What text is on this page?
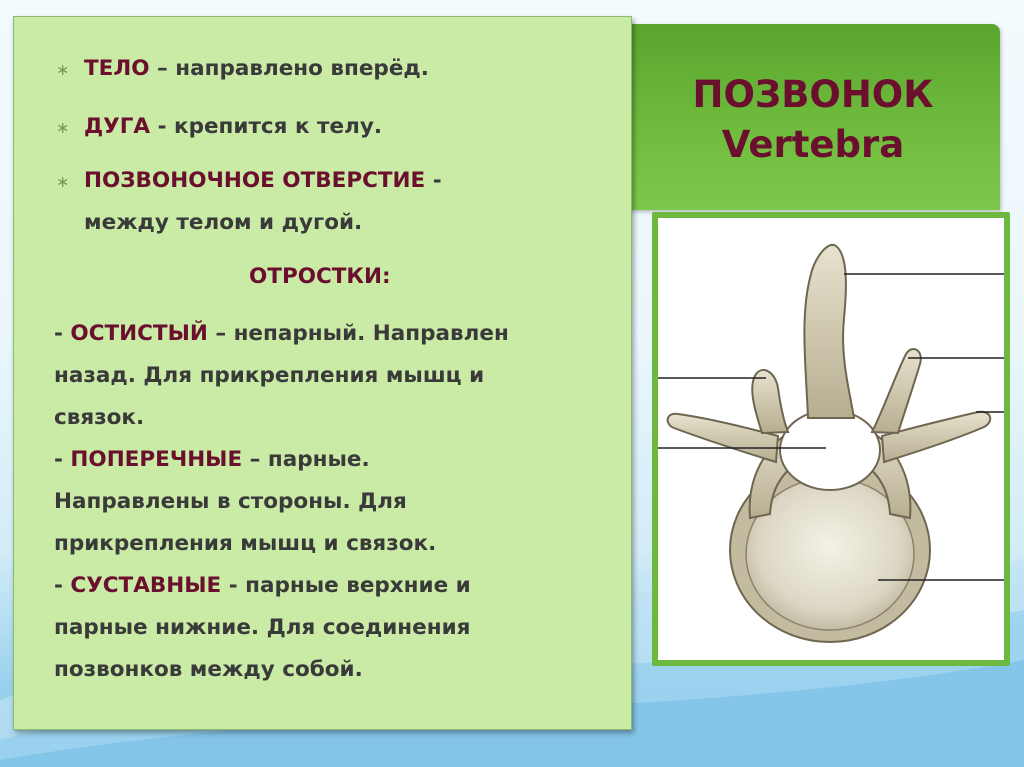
ПОЗВОНОК
Vertebra
∗ ТЕЛО – направлено вперёд.
∗ ДУГА - крепится к телу.
∗ ПОЗВОНОЧНОЕ ОТВЕРСТИЕ -
между телом и дугой.
ОТРОСТКИ:
- ОСТИСТЫЙ – непарный. Направлен
назад. Для прикрепления мышц и
связок.
- ПОПЕРЕЧНЫЕ – парные.
Направлены в стороны. Для
прикрепления мышц и связок.
- СУСТАВНЫЕ - парные верхние и
парные нижние. Для соединения
позвонков между собой.
